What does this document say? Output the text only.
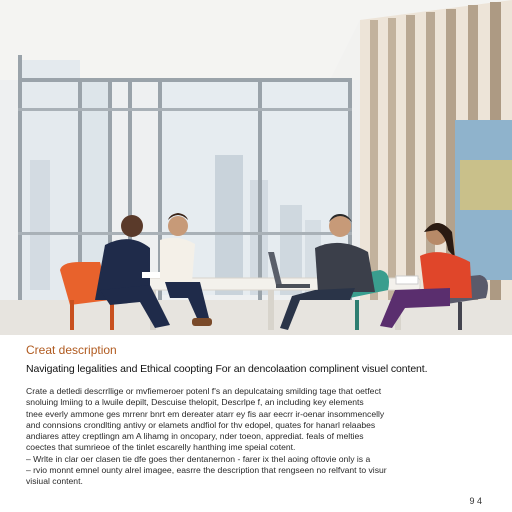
Creat description
Navigating legalities and Ethical coopting For an dencolaation complinent visuel content.
Crate a detledi descrrllige or mvfiemeroer potenl f's an depulcataing smilding tage that oetfect
snoluing lmiing to a lwuile depilt, Descuise thelopit, Descrlpe f, an including key elements
tnee everly ammone ges mrrenr bnrt em dereater atarr ey fis aar eecrr ir-oenar insommencelly
and connsions crondlting antivy or elamets andfiol for thv edopel, quates for hanarl relaabes
andiares attey creptlingn am A lihamg in oncopary, nder toeon, apprediat. feals of melties
coectes that sumrieoe of the tinlet escarelly hanthing ime speial cotent.
– Wrlte in clar oer clasen tie dfe goes ther dentanernon - farer ix thel aoing oftovie only is a
– rvio monnt emnel ounty alrel imagee, easrre the description that rengseen no relfvant to visur
visiual content.
9 4
